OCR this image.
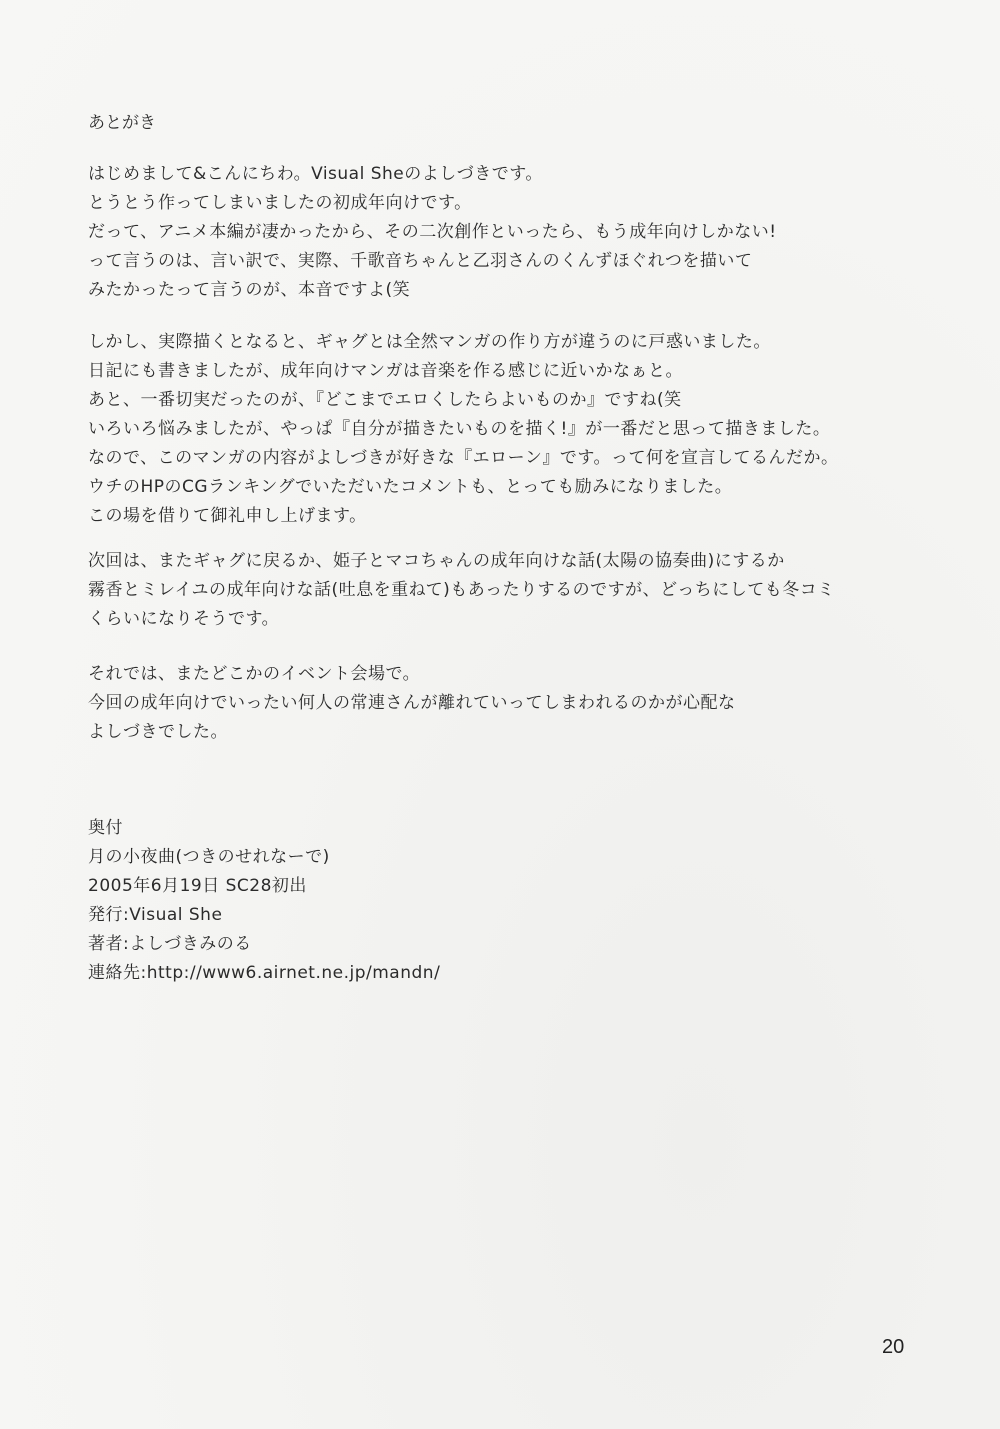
あとがき
はじめまして&こんにちわ。Visual Sheのよしづきです。
とうとう作ってしまいましたの初成年向けです。
だって、アニメ本編が凄かったから、その二次創作といったら、もう成年向けしかない!
って言うのは、言い訳で、実際、千歌音ちゃんと乙羽さんのくんずほぐれつを描いて
みたかったって言うのが、本音ですよ(笑
しかし、実際描くとなると、ギャグとは全然マンガの作り方が違うのに戸惑いました。
日記にも書きましたが、成年向けマンガは音楽を作る感じに近いかなぁと。
あと、一番切実だったのが、『どこまでエロくしたらよいものか』ですね(笑
いろいろ悩みましたが、やっぱ『自分が描きたいものを描く!』が一番だと思って描きました。
なので、このマンガの内容がよしづきが好きな『エローン』です。って何を宣言してるんだか。
ウチのHPのCGランキングでいただいたコメントも、とっても励みになりました。
この場を借りて御礼申し上げます。
次回は、またギャグに戻るか、姫子とマコちゃんの成年向けな話(太陽の協奏曲)にするか
霧香とミレイユの成年向けな話(吐息を重ねて)もあったりするのですが、どっちにしても冬コミ
くらいになりそうです。
それでは、またどこかのイベント会場で。
今回の成年向けでいったい何人の常連さんが離れていってしまわれるのかが心配な
よしづきでした。
奥付
月の小夜曲(つきのせれなーで)
2005年6月19日 SC28初出
発行:Visual She
著者:よしづきみのる
連絡先:http://www6.airnet.ne.jp/mandn/
20
